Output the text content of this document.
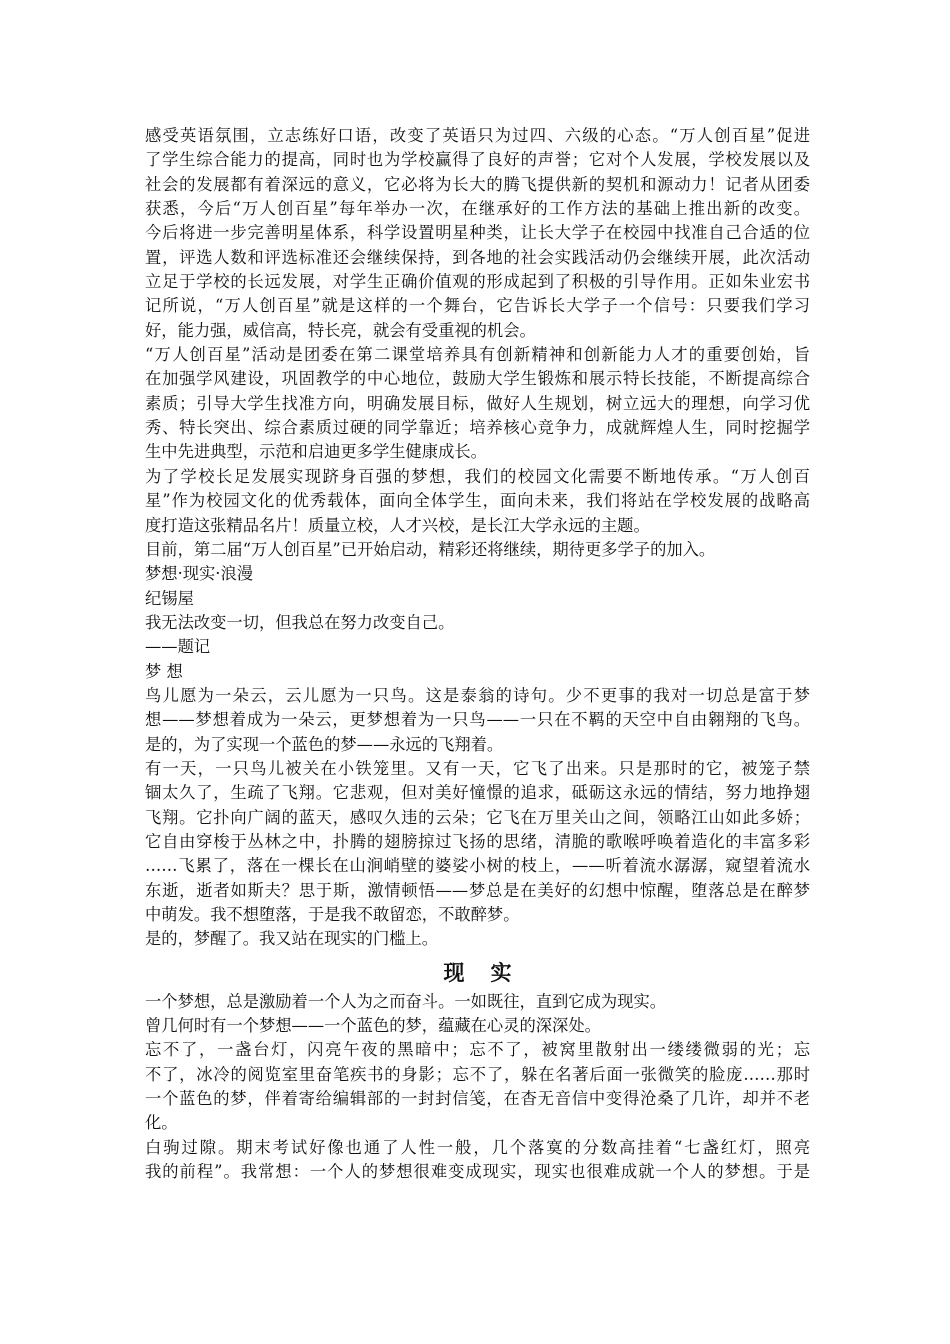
感受英语氛围，立志练好口语，改变了英语只为过四、六级的心态。“万人创百星”促进
了学生综合能力的提高，同时也为学校赢得了良好的声誉；它对个人发展，学校发展以及
社会的发展都有着深远的意义，它必将为长大的腾飞提供新的契机和源动力！记者从团委
获悉，今后“万人创百星”每年举办一次，在继承好的工作方法的基础上推出新的改变。
今后将进一步完善明星体系，科学设置明星种类，让长大学子在校园中找准自己合适的位
置，评选人数和评选标准还会继续保持，到各地的社会实践活动仍会继续开展，此次活动
立足于学校的长远发展，对学生正确价值观的形成起到了积极的引导作用。正如朱业宏书
记所说，“万人创百星”就是这样的一个舞台，它告诉长大学子一个信号：只要我们学习
好，能力强，威信高，特长亮，就会有受重视的机会。
“万人创百星”活动是团委在第二课堂培养具有创新精神和创新能力人才的重要创始，旨
在加强学风建设，巩固教学的中心地位，鼓励大学生锻炼和展示特长技能，不断提高综合
素质；引导大学生找准方向，明确发展目标，做好人生规划，树立远大的理想，向学习优
秀、特长突出、综合素质过硬的同学靠近；培养核心竞争力，成就辉煌人生，同时挖掘学
生中先进典型，示范和启迪更多学生健康成长。
为了学校长足发展实现跻身百强的梦想，我们的校园文化需要不断地传承。“万人创百
星”作为校园文化的优秀载体，面向全体学生，面向未来，我们将站在学校发展的战略高
度打造这张精品名片！质量立校，人才兴校，是长江大学永远的主题。
目前，第二届“万人创百星”已开始启动，精彩还将继续，期待更多学子的加入。
梦想·现实·浪漫
纪锡屋
我无法改变一切，但我总在努力改变自己。
——题记
梦 想
鸟儿愿为一朵云，云儿愿为一只鸟。这是泰翁的诗句。少不更事的我对一切总是富于梦
想——梦想着成为一朵云，更梦想着为一只鸟——一只在不羁的天空中自由翱翔的飞鸟。
是的，为了实现一个蓝色的梦——永远的飞翔着。
有一天，一只鸟儿被关在小铁笼里。又有一天，它飞了出来。只是那时的它，被笼子禁
锢太久了，生疏了飞翔。它悲观，但对美好憧憬的追求，砥砺这永远的情结，努力地挣翅
飞翔。它扑向广阔的蓝天，感叹久违的云朵；它飞在万里关山之间，领略江山如此多娇；
它自由穿梭于丛林之中，扑腾的翅膀掠过飞扬的思绪，清脆的歌喉呼唤着造化的丰富多彩
……飞累了，落在一棵长在山涧峭壁的婆娑小树的枝上，——听着流水潺潺，窥望着流水
东逝，逝者如斯夫？思于斯，激情顿悟——梦总是在美好的幻想中惊醒，堕落总是在醉梦
中萌发。我不想堕落，于是我不敢留恋，不敢醉梦。
是的，梦醒了。我又站在现实的门槛上。
现实
一个梦想，总是激励着一个人为之而奋斗。一如既往，直到它成为现实。
曾几何时有一个梦想——一个蓝色的梦，蕴藏在心灵的深深处。
忘不了，一盏台灯，闪亮午夜的黑暗中；忘不了，被窝里散射出一缕缕微弱的光；忘
不了，冰冷的阅览室里奋笔疾书的身影；忘不了，躲在名著后面一张微笑的脸庞……那时
一个蓝色的梦，伴着寄给编辑部的一封封信笺，在杳无音信中变得沧桑了几许，却并不老
化。
白驹过隙。期末考试好像也通了人性一般，几个落寞的分数高挂着“七盏红灯，照亮
我的前程”。我常想：一个人的梦想很难变成现实，现实也很难成就一个人的梦想。于是
